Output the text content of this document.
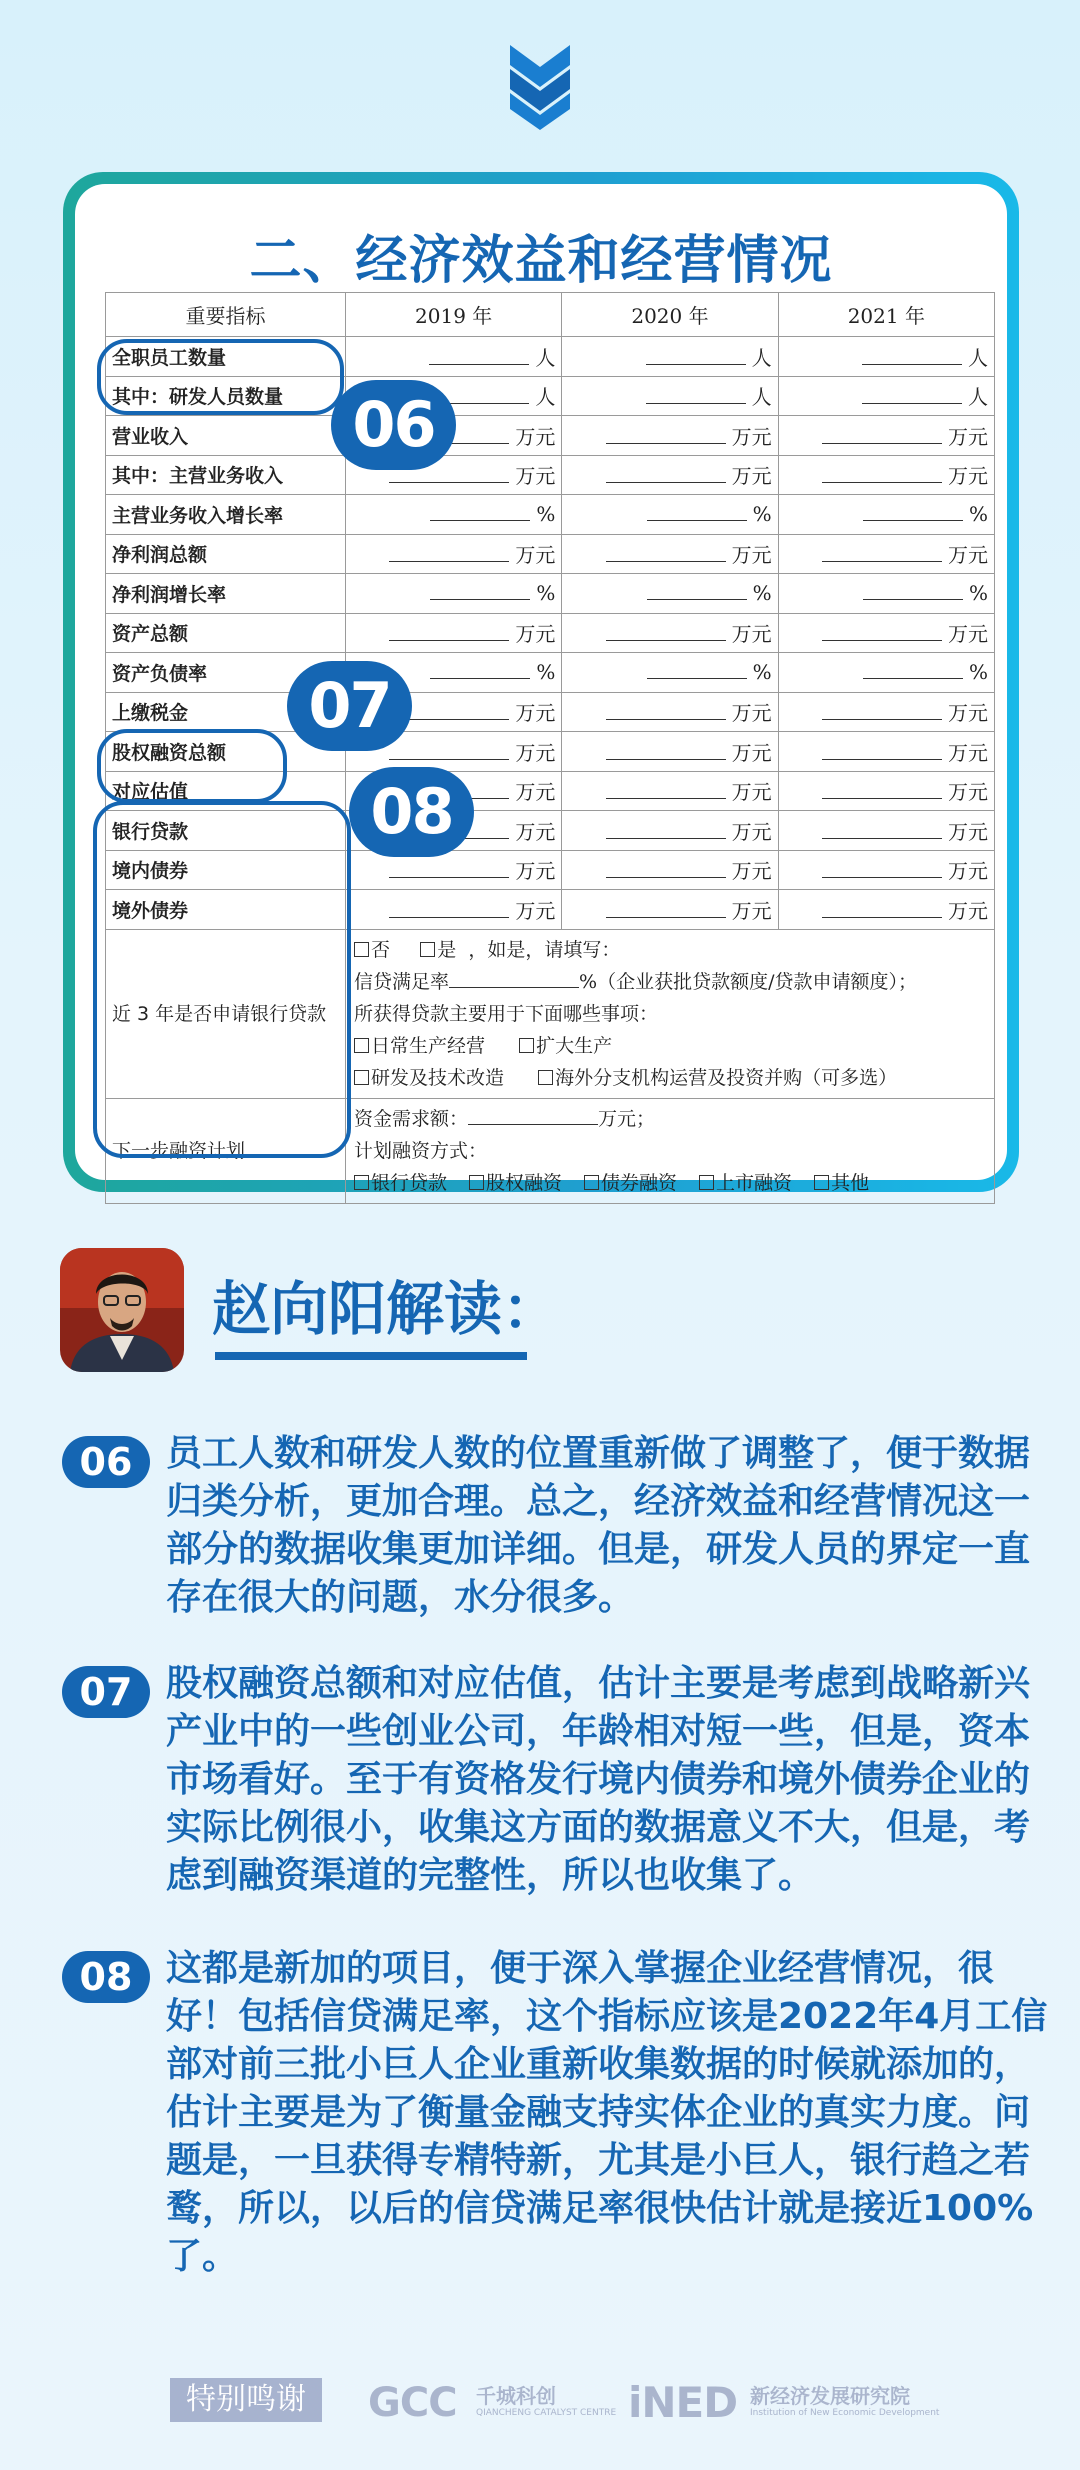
二、经济效益和经营情况
重要指标	2019 年	2020 年	2021 年
全职员工数量	人	人	人
其中：研发人员数量	人	人	人
营业收入	万元	万元	万元
其中：主营业务收入	万元	万元	万元
主营业务收入增长率	%	%	%
净利润总额	万元	万元	万元
净利润增长率	%	%	%
资产总额	万元	万元	万元
资产负债率	%	%	%
上缴税金	万元	万元	万元
股权融资总额	万元	万元	万元
对应估值	万元	万元	万元
银行贷款	万元	万元	万元
境内债券	万元	万元	万元
境外债券	万元	万元	万元
近 3 年是否申请银行贷款	否 是 ，如是，请填写：
信贷满足率 %（企业获批贷款额度/贷款申请额度）；
所获得贷款主要用于下面哪些事项：
日常生产经营 扩大生产
研发及技术改造 海外分支机构运营及投资并购（可多选）		

下一步融资计划	资金需求额： 万元；
计划融资方式：
银行贷款 股权融资 债券融资 上市融资 其他		
06
07
08
赵向阳解读：
06 员工人数和研发人数的位置重新做了调整了，便于数据归类分析，更加合理。总之，经济效益和经营情况这一部分的数据收集更加详细。但是，研发人员的界定一直存在很大的问题，水分很多。
07 股权融资总额和对应估值，估计主要是考虑到战略新兴产业中的一些创业公司，年龄相对短一些，但是，资本市场看好。至于有资格发行境内债券和境外债券企业的实际比例很小，收集这方面的数据意义不大，但是，考虑到融资渠道的完整性，所以也收集了。
08 这都是新加的项目，便于深入掌握企业经营情况，很好！包括信贷满足率，这个指标应该是2022年4月工信部对前三批小巨人企业重新收集数据的时候就添加的，估计主要是为了衡量金融支持实体企业的真实力度。问题是，一旦获得专精特新，尤其是小巨人，银行趋之若鹜，所以，以后的信贷满足率很快估计就是接近100%了。
特别鸣谢	GCC 千城科创
QIANCHENG CATALYST CENTRE iNED 新经济发展研究院
Institution of New Economic Development
